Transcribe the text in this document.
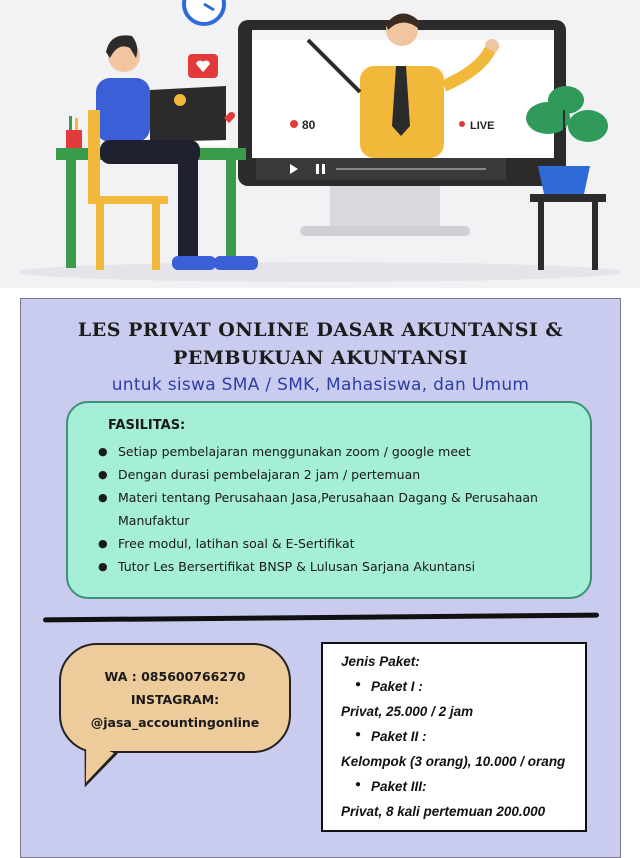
80	LIVE
LES PRIVAT ONLINE DASAR AKUNTANSI &
PEMBUKUAN AKUNTANSI
untuk siswa SMA / SMK, Mahasiswa, dan Umum
FASILITAS:
● Setiap pembelajaran menggunakan zoom / google meet
● Dengan durasi pembelajaran 2 jam / pertemuan
● Materi tentang Perusahaan Jasa,Perusahaan Dagang & Perusahaan Manufaktur
● Free modul, latihan soal & E-Sertifikat
● Tutor Les Bersertifikat BNSP & Lulusan Sarjana Akuntansi
WA : 085600766270
INSTAGRAM:
@jasa_accountingonline
Jenis Paket:
● Paket I :
Privat, 25.000 / 2 jam
● Paket II :
Kelompok (3 orang), 10.000 / orang
● Paket III:
Privat, 8 kali pertemuan 200.000
